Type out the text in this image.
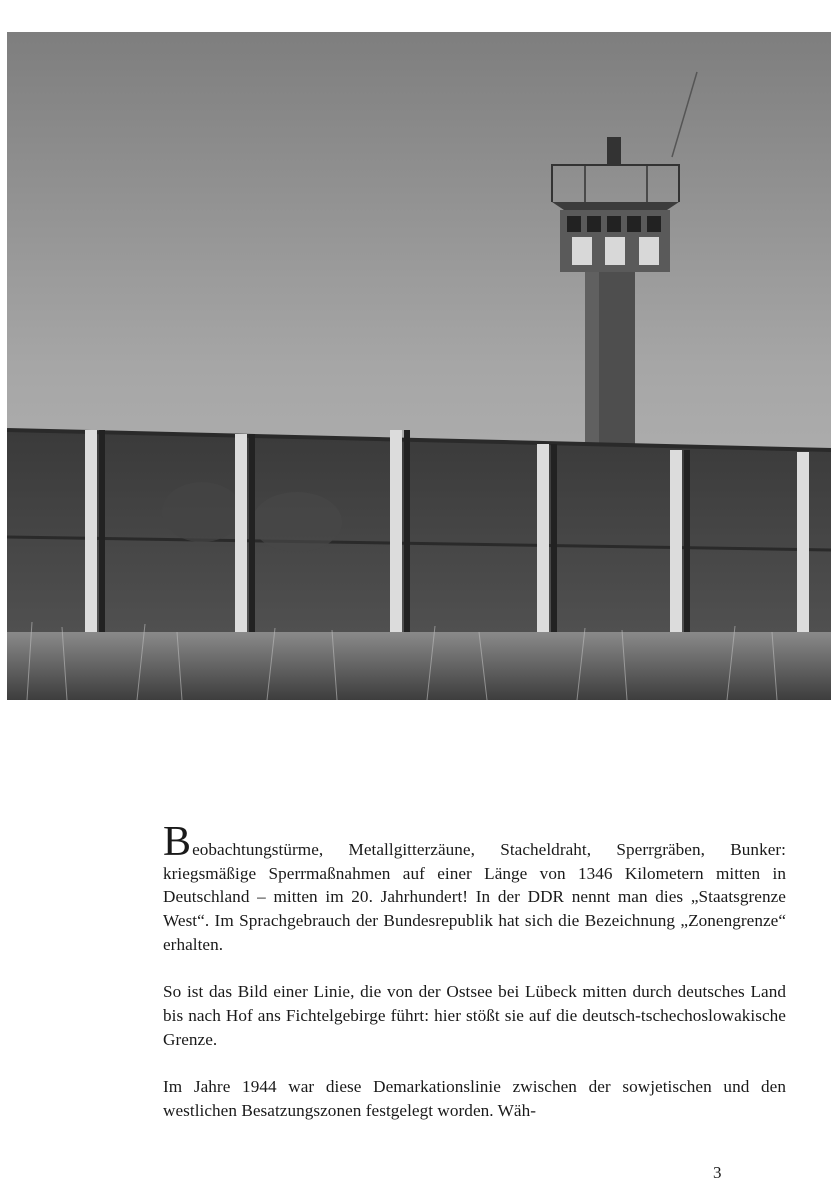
Beobachtungstürme, Metallgitterzäune, Stacheldraht, Sperrgräben, Bunker: kriegsmäßige Sperrmaßnahmen auf einer Länge von 1346 Kilometern mitten in Deutschland – mitten im 20. Jahrhundert! In der DDR nennt man dies „Staatsgrenze West“. Im Sprachgebrauch der Bundesrepublik hat sich die Bezeichnung „Zonengrenze“ erhalten.

So ist das Bild einer Linie, die von der Ostsee bei Lübeck mitten durch deutsches Land bis nach Hof ans Fichtelgebirge führt: hier stößt sie auf die deutsch-tschechoslowakische Grenze.

Im Jahre 1944 war diese Demarkationslinie zwischen der sowjetischen und den westlichen Besatzungszonen festgelegt worden. Wäh-

3
